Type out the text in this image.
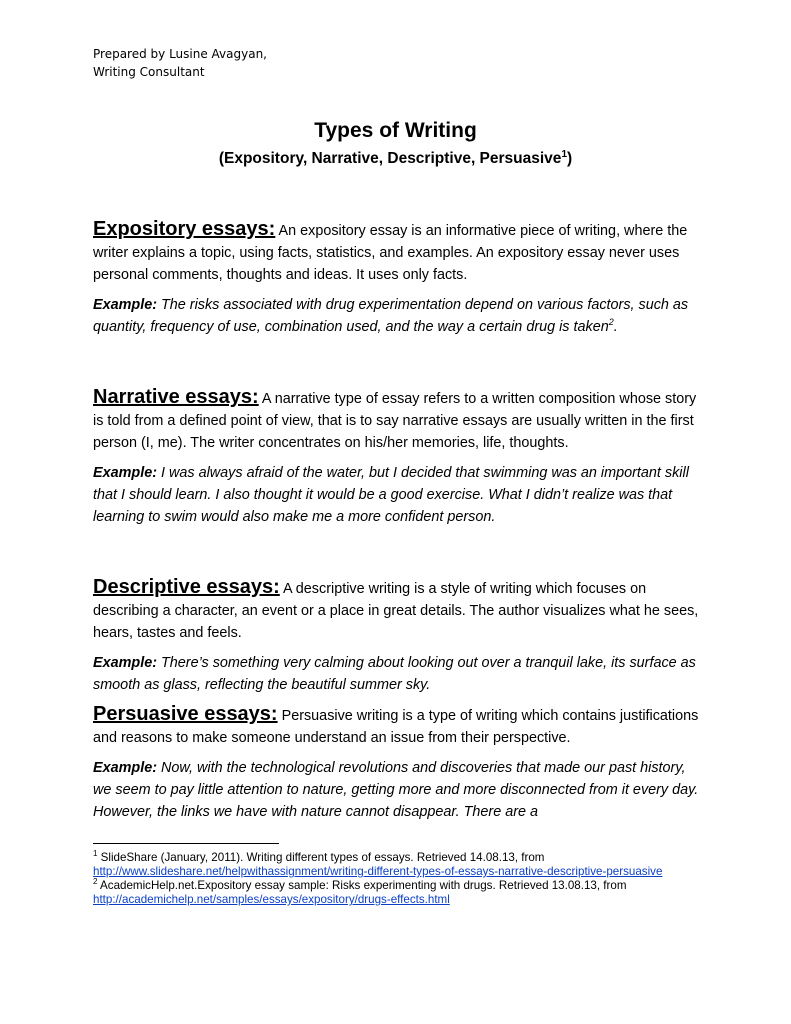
Prepared by Lusine Avagyan,
Writing Consultant
Types of Writing
(Expository, Narrative, Descriptive, Persuasive$^1$)

Expository essays: An expository essay is an informative piece of writing, where the writer explains a topic, using facts, statistics, and examples. An expository essay never uses personal comments, thoughts and ideas. It uses only facts.

Example: The risks associated with drug experimentation depend on various factors, such as quantity, frequency of use, combination used, and the way a certain drug is taken$^2$.

Narrative essays: A narrative type of essay refers to a written composition whose story is told from a defined point of view, that is to say narrative essays are usually written in the first person (I, me). The writer concentrates on his/her memories, life, thoughts.

Example: I was always afraid of the water, but I decided that swimming was an important skill that I should learn. I also thought it would be a good exercise. What I didn’t realize was that learning to swim would also make me a more confident person.

Descriptive essays: A descriptive writing is a style of writing which focuses on describing a character, an event or a place in great details. The author visualizes what he sees, hears, tastes and feels.

Example: There’s something very calming about looking out over a tranquil lake, its surface as smooth as glass, reflecting the beautiful summer sky.

Persuasive essays: Persuasive writing is a type of writing which contains justifications and reasons to make someone understand an issue from their perspective.

Example: Now, with the technological revolutions and discoveries that made our past history, we seem to pay little attention to nature, getting more and more disconnected from it every day. However, the links we have with nature cannot disappear. There are a

$^1$ SlideShare (January, 2011). Writing different types of essays. Retrieved 14.08.13, from
http://www.slideshare.net/helpwithassignment/writing-different-types-of-essays-narrative-descriptive-persuasive

$^2$ AcademicHelp.net.Expository essay sample: Risks experimenting with drugs. Retrieved 13.08.13, from
http://academichelp.net/samples/essays/expository/drugs-effects.html
